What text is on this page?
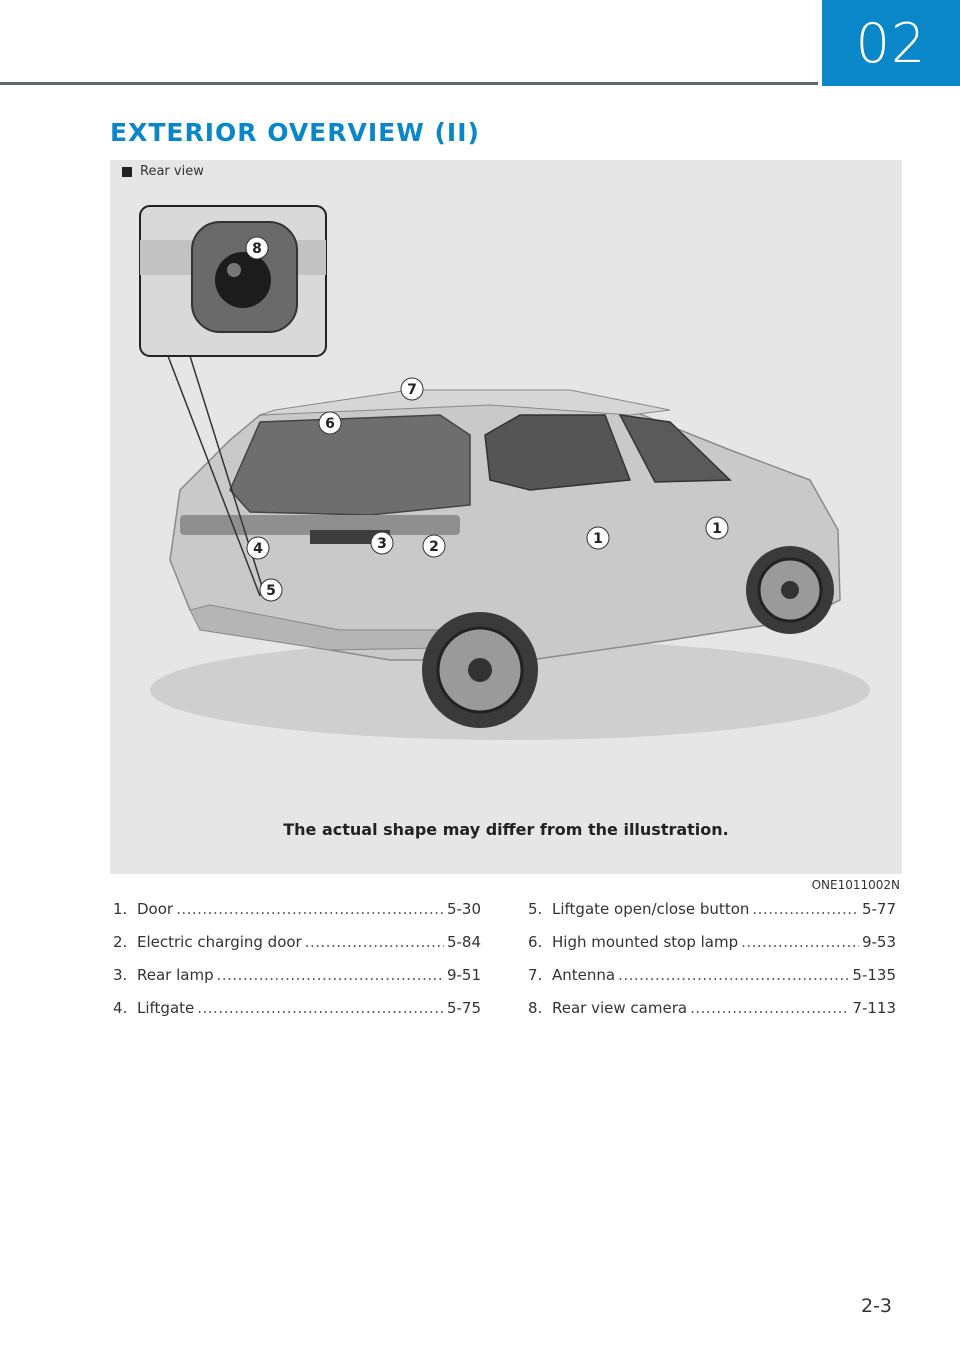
02
EXTERIOR OVERVIEW (II)
1
1
2
3
4
5
6
7
8
Rear view
The actual shape may differ from the illustration.
ONE1011002N
1. Door .....	5-30
2. Electric charging door .....	5-84
3. Rear lamp .....	9-51
4. Liftgate .....	5-75
5. Liftgate open/close button .....	5-77
6. High mounted stop lamp .....	9-53
7. Antenna .....	5-135
8. Rear view camera .....	7-113
2-3
